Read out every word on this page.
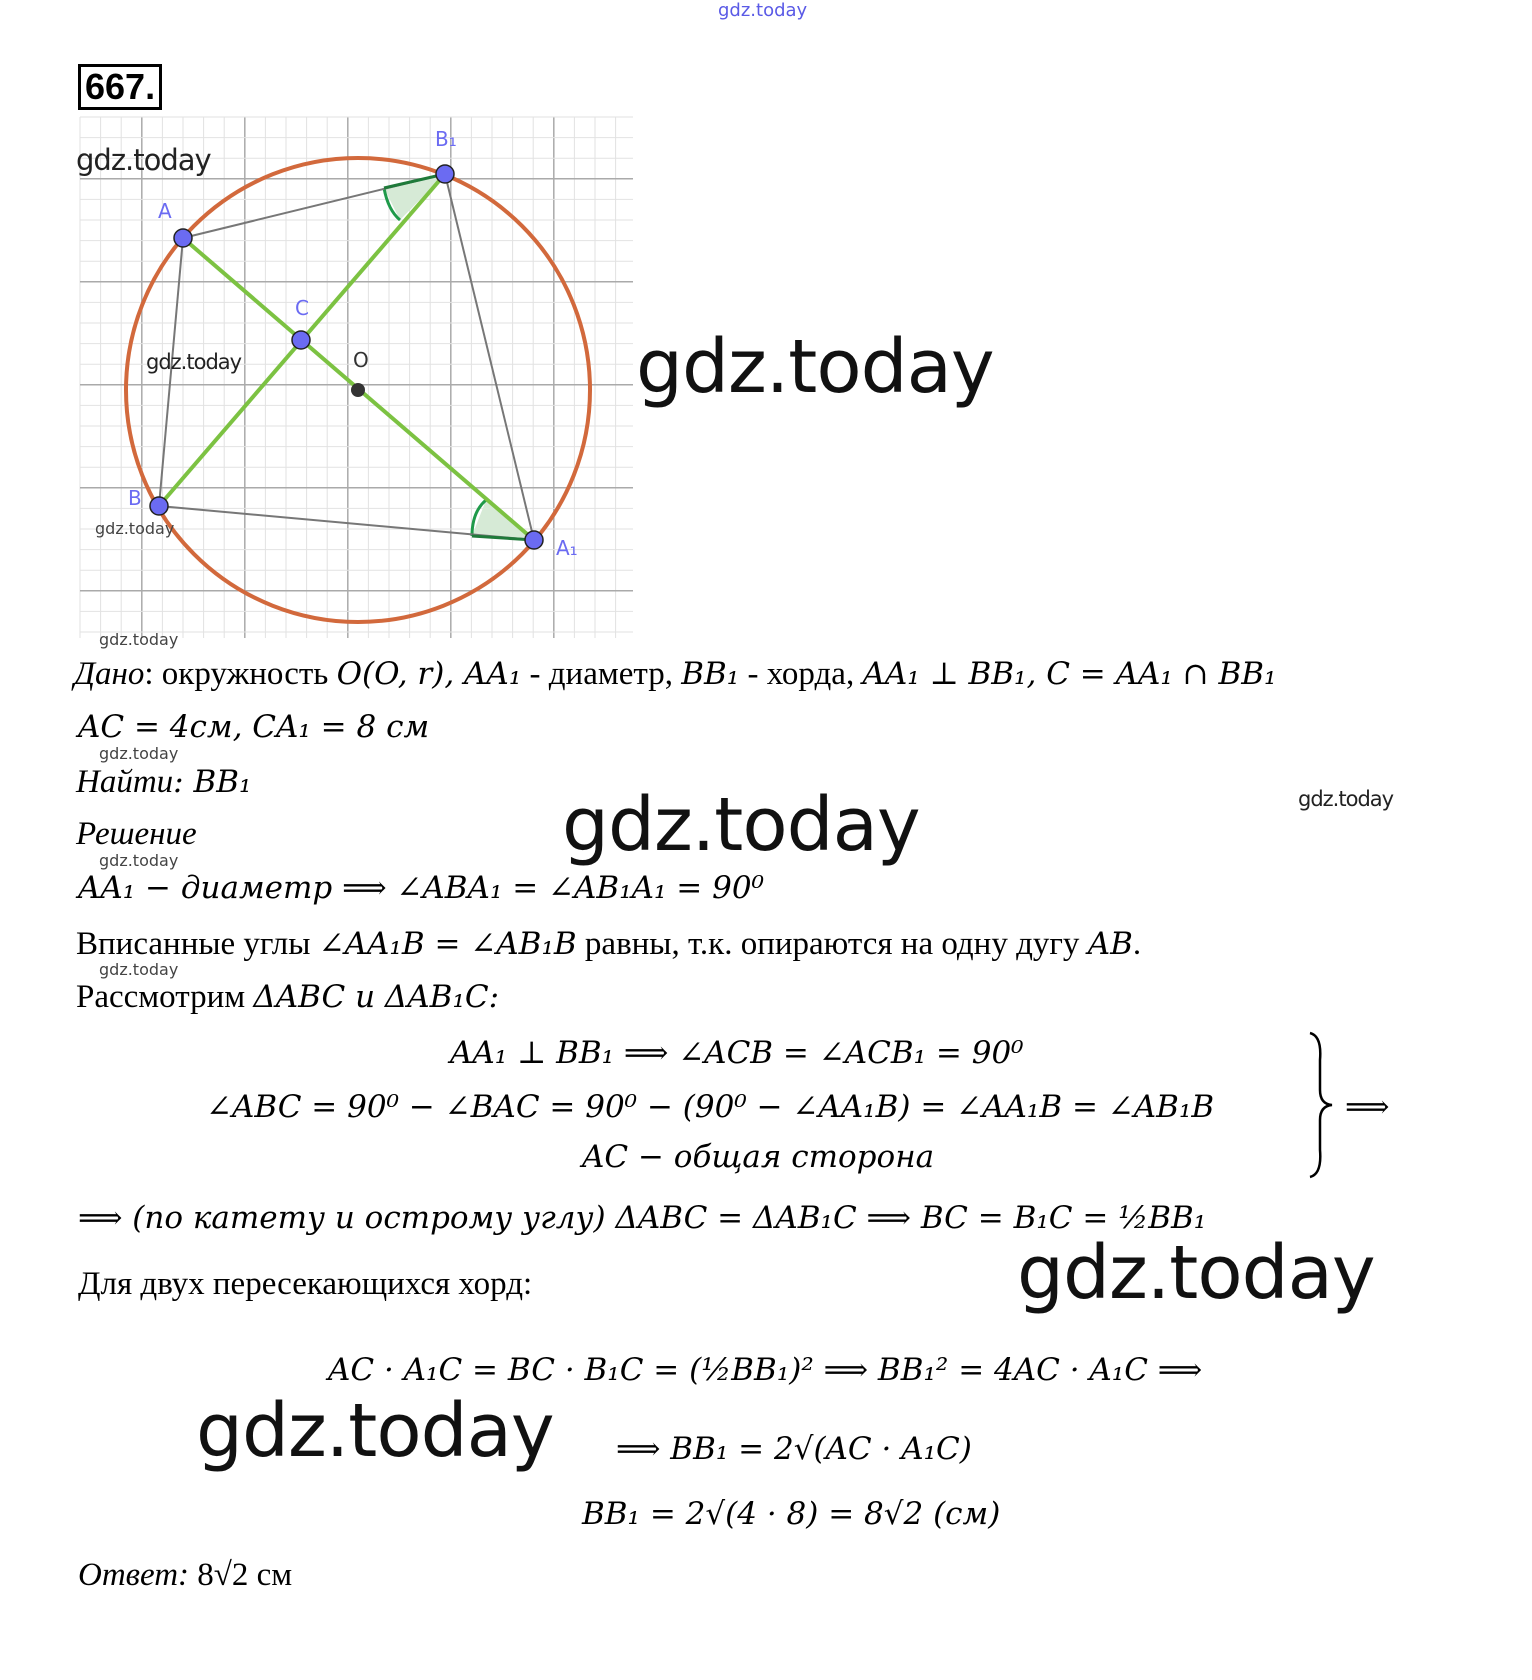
gdz.today
667.
A
B₁
C
B
A₁
O
gdz.today
gdz.today
gdz.today
gdz.today
gdz.today
Дано: окружность O(O, r), AA₁ - диаметр, BB₁ - хорда, AA₁ ⊥ BB₁, C = AA₁ ∩ BB₁
AC = 4см, CA₁ = 8 см
gdz.today
Найти: BB₁	gdz.today
Решение	gdz.today
gdz.today
AA₁ − диаметр ⟹ ∠ABA₁ = ∠AB₁A₁ = 90⁰
Вписанные углы ∠AA₁B = ∠AB₁B равны, т.к. опираются на одну дугу AB.
gdz.today
Рассмотрим ΔABC и ΔAB₁C:
AA₁ ⊥ BB₁ ⟹ ∠ACB = ∠ACB₁ = 90⁰
∠ABC = 90⁰ − ∠BAC = 90⁰ − (90⁰ − ∠AA₁B) = ∠AA₁B = ∠AB₁B
AC − общая сторона
⟹
⟹ (по катету и острому углу) ΔABC = ΔAB₁C ⟹ BC = B₁C = ½BB₁
Для двух пересекающихся хорд:	gdz.today
AC · A₁C = BC · B₁C = (½BB₁)² ⟹ BB₁² = 4AC · A₁C ⟹
gdz.today ⟹ BB₁ = 2√(AC · A₁C)
BB₁ = 2√(4 · 8) = 8√2 (см)
Ответ: 8√2 см
